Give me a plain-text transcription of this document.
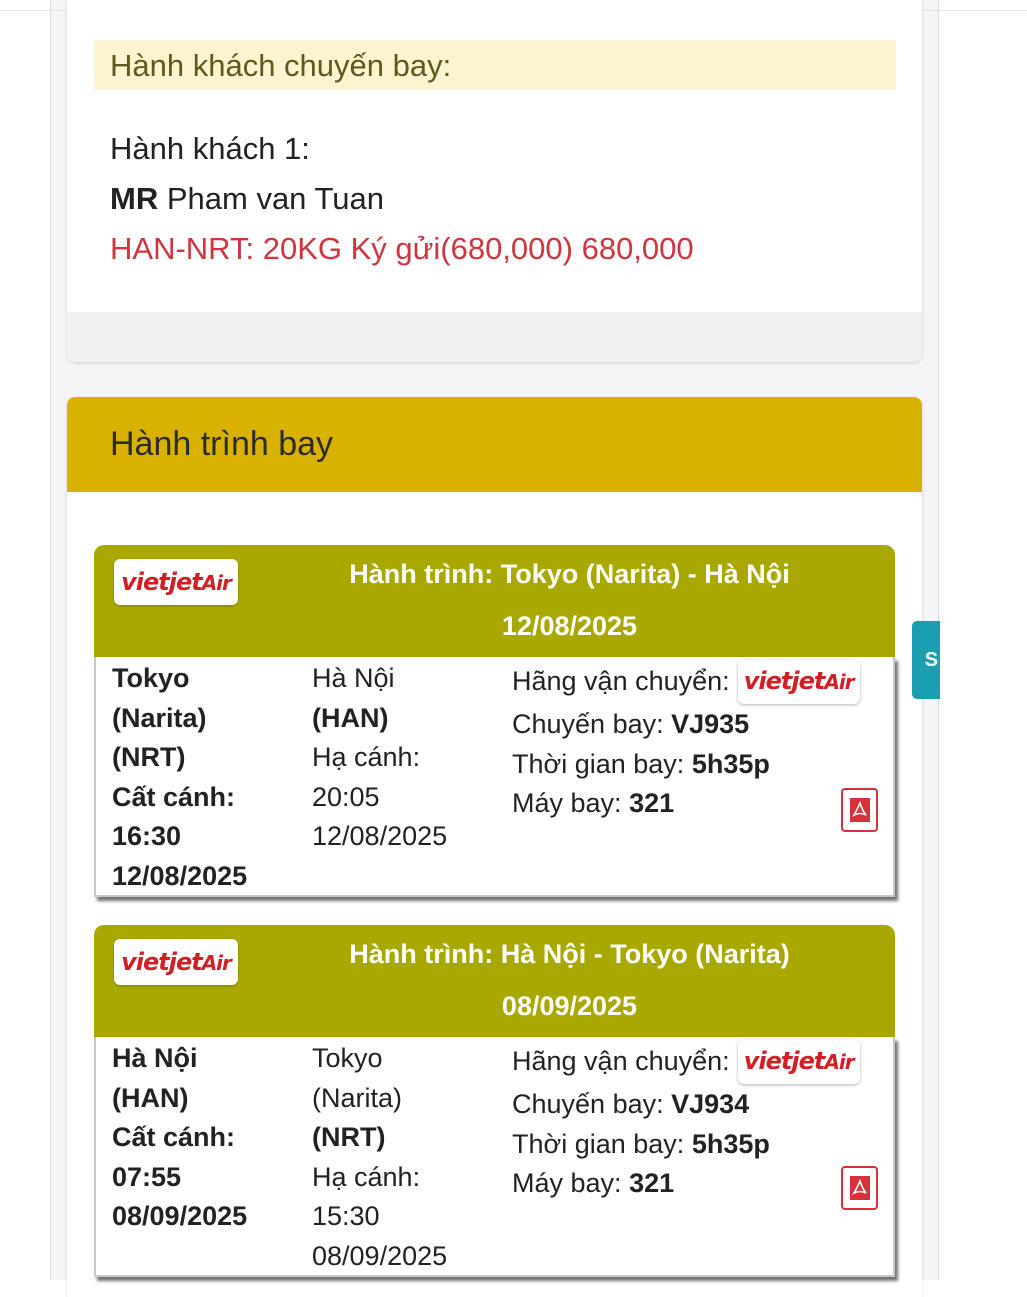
Hành khách chuyến bay:
Hành khách 1:
MR Pham van Tuan
HAN-NRT: 20KG Ký gửi(680,000) 680,000
Hành trình bay
vietjetAir	Hành trình: Tokyo (Narita) - Hà Nội
12/08/2025
Tokyo
(Narita)
(NRT)
Cất cánh:
16:30
12/08/2025
Hà Nội
(HAN)
Hạ cánh:
20:05
12/08/2025
Hãng vận chuyển: vietjetAir
Chuyến bay: VJ935
Thời gian bay: 5h35p
Máy bay: 321
vietjetAir	Hành trình: Hà Nội - Tokyo (Narita)
08/09/2025
Hà Nội
(HAN)
Cất cánh:
07:55
08/09/2025
Tokyo
(Narita)
(NRT)
Hạ cánh:
15:30
08/09/2025
Hãng vận chuyển: vietjetAir
Chuyến bay: VJ934
Thời gian bay: 5h35p
Máy bay: 321
S
